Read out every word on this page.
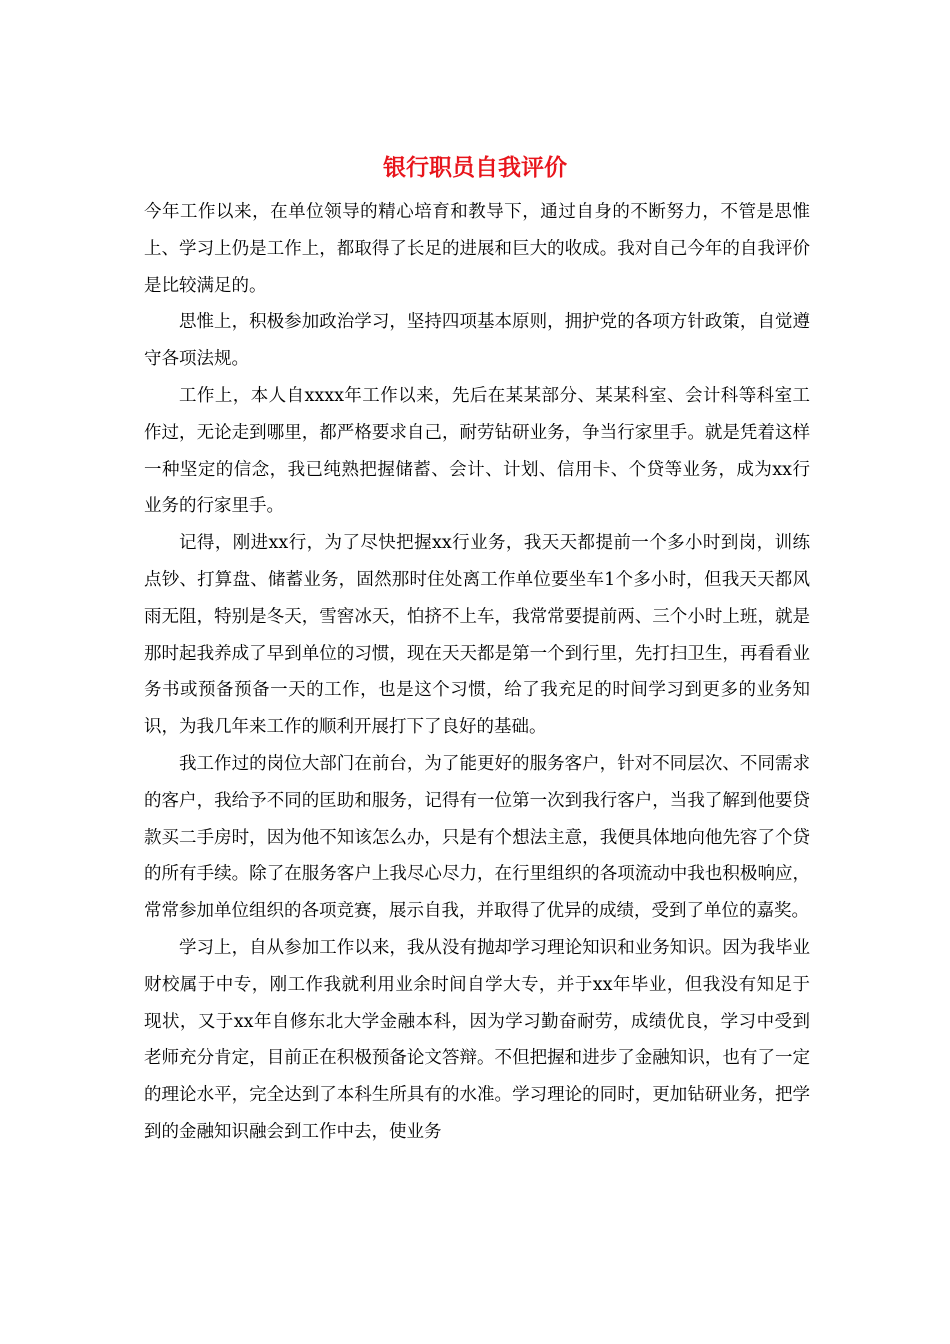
银行职员自我评价

今年工作以来，在单位领导的精心培育和教导下，通过自身的不断努力，不管是思惟上、学习上仍是工作上，都取得了长足的进展和巨大的收成。我对自己今年的自我评价是比较满足的。

思惟上，积极参加政治学习，坚持四项基本原则，拥护党的各项方针政策，自觉遵守各项法规。

工作上，本人自xxxx年工作以来，先后在某某部分、某某科室、会计科等科室工作过，无论走到哪里，都严格要求自己，耐劳钻研业务，争当行家里手。就是凭着这样一种坚定的信念，我已纯熟把握储蓄、会计、计划、信用卡、个贷等业务，成为xx行业务的行家里手。

记得，刚进xx行，为了尽快把握xx行业务，我天天都提前一个多小时到岗，训练点钞、打算盘、储蓄业务，固然那时住处离工作单位要坐车1个多小时，但我天天都风雨无阻，特别是冬天，雪窖冰天，怕挤不上车，我常常要提前两、三个小时上班，就是那时起我养成了早到单位的习惯，现在天天都是第一个到行里，先打扫卫生，再看看业务书或预备预备一天的工作，也是这个习惯，给了我充足的时间学习到更多的业务知识，为我几年来工作的顺利开展打下了良好的基础。

我工作过的岗位大部门在前台，为了能更好的服务客户，针对不同层次、不同需求的客户，我给予不同的匡助和服务，记得有一位第一次到我行客户，当我了解到他要贷款买二手房时，因为他不知该怎么办，只是有个想法主意，我便具体地向他先容了个贷的所有手续。除了在服务客户上我尽心尽力，在行里组织的各项流动中我也积极响应，常常参加单位组织的各项竞赛，展示自我，并取得了优异的成绩，受到了单位的嘉奖。

学习上，自从参加工作以来，我从没有抛却学习理论知识和业务知识。因为我毕业财校属于中专，刚工作我就利用业余时间自学大专，并于xx年毕业，但我没有知足于现状，又于xx年自修东北大学金融本科，因为学习勤奋耐劳，成绩优良，学习中受到老师充分肯定，目前正在积极预备论文答辩。不但把握和进步了金融知识，也有了一定的理论水平，完全达到了本科生所具有的水准。学习理论的同时，更加钻研业务，把学到的金融知识融会到工作中去，使业务
